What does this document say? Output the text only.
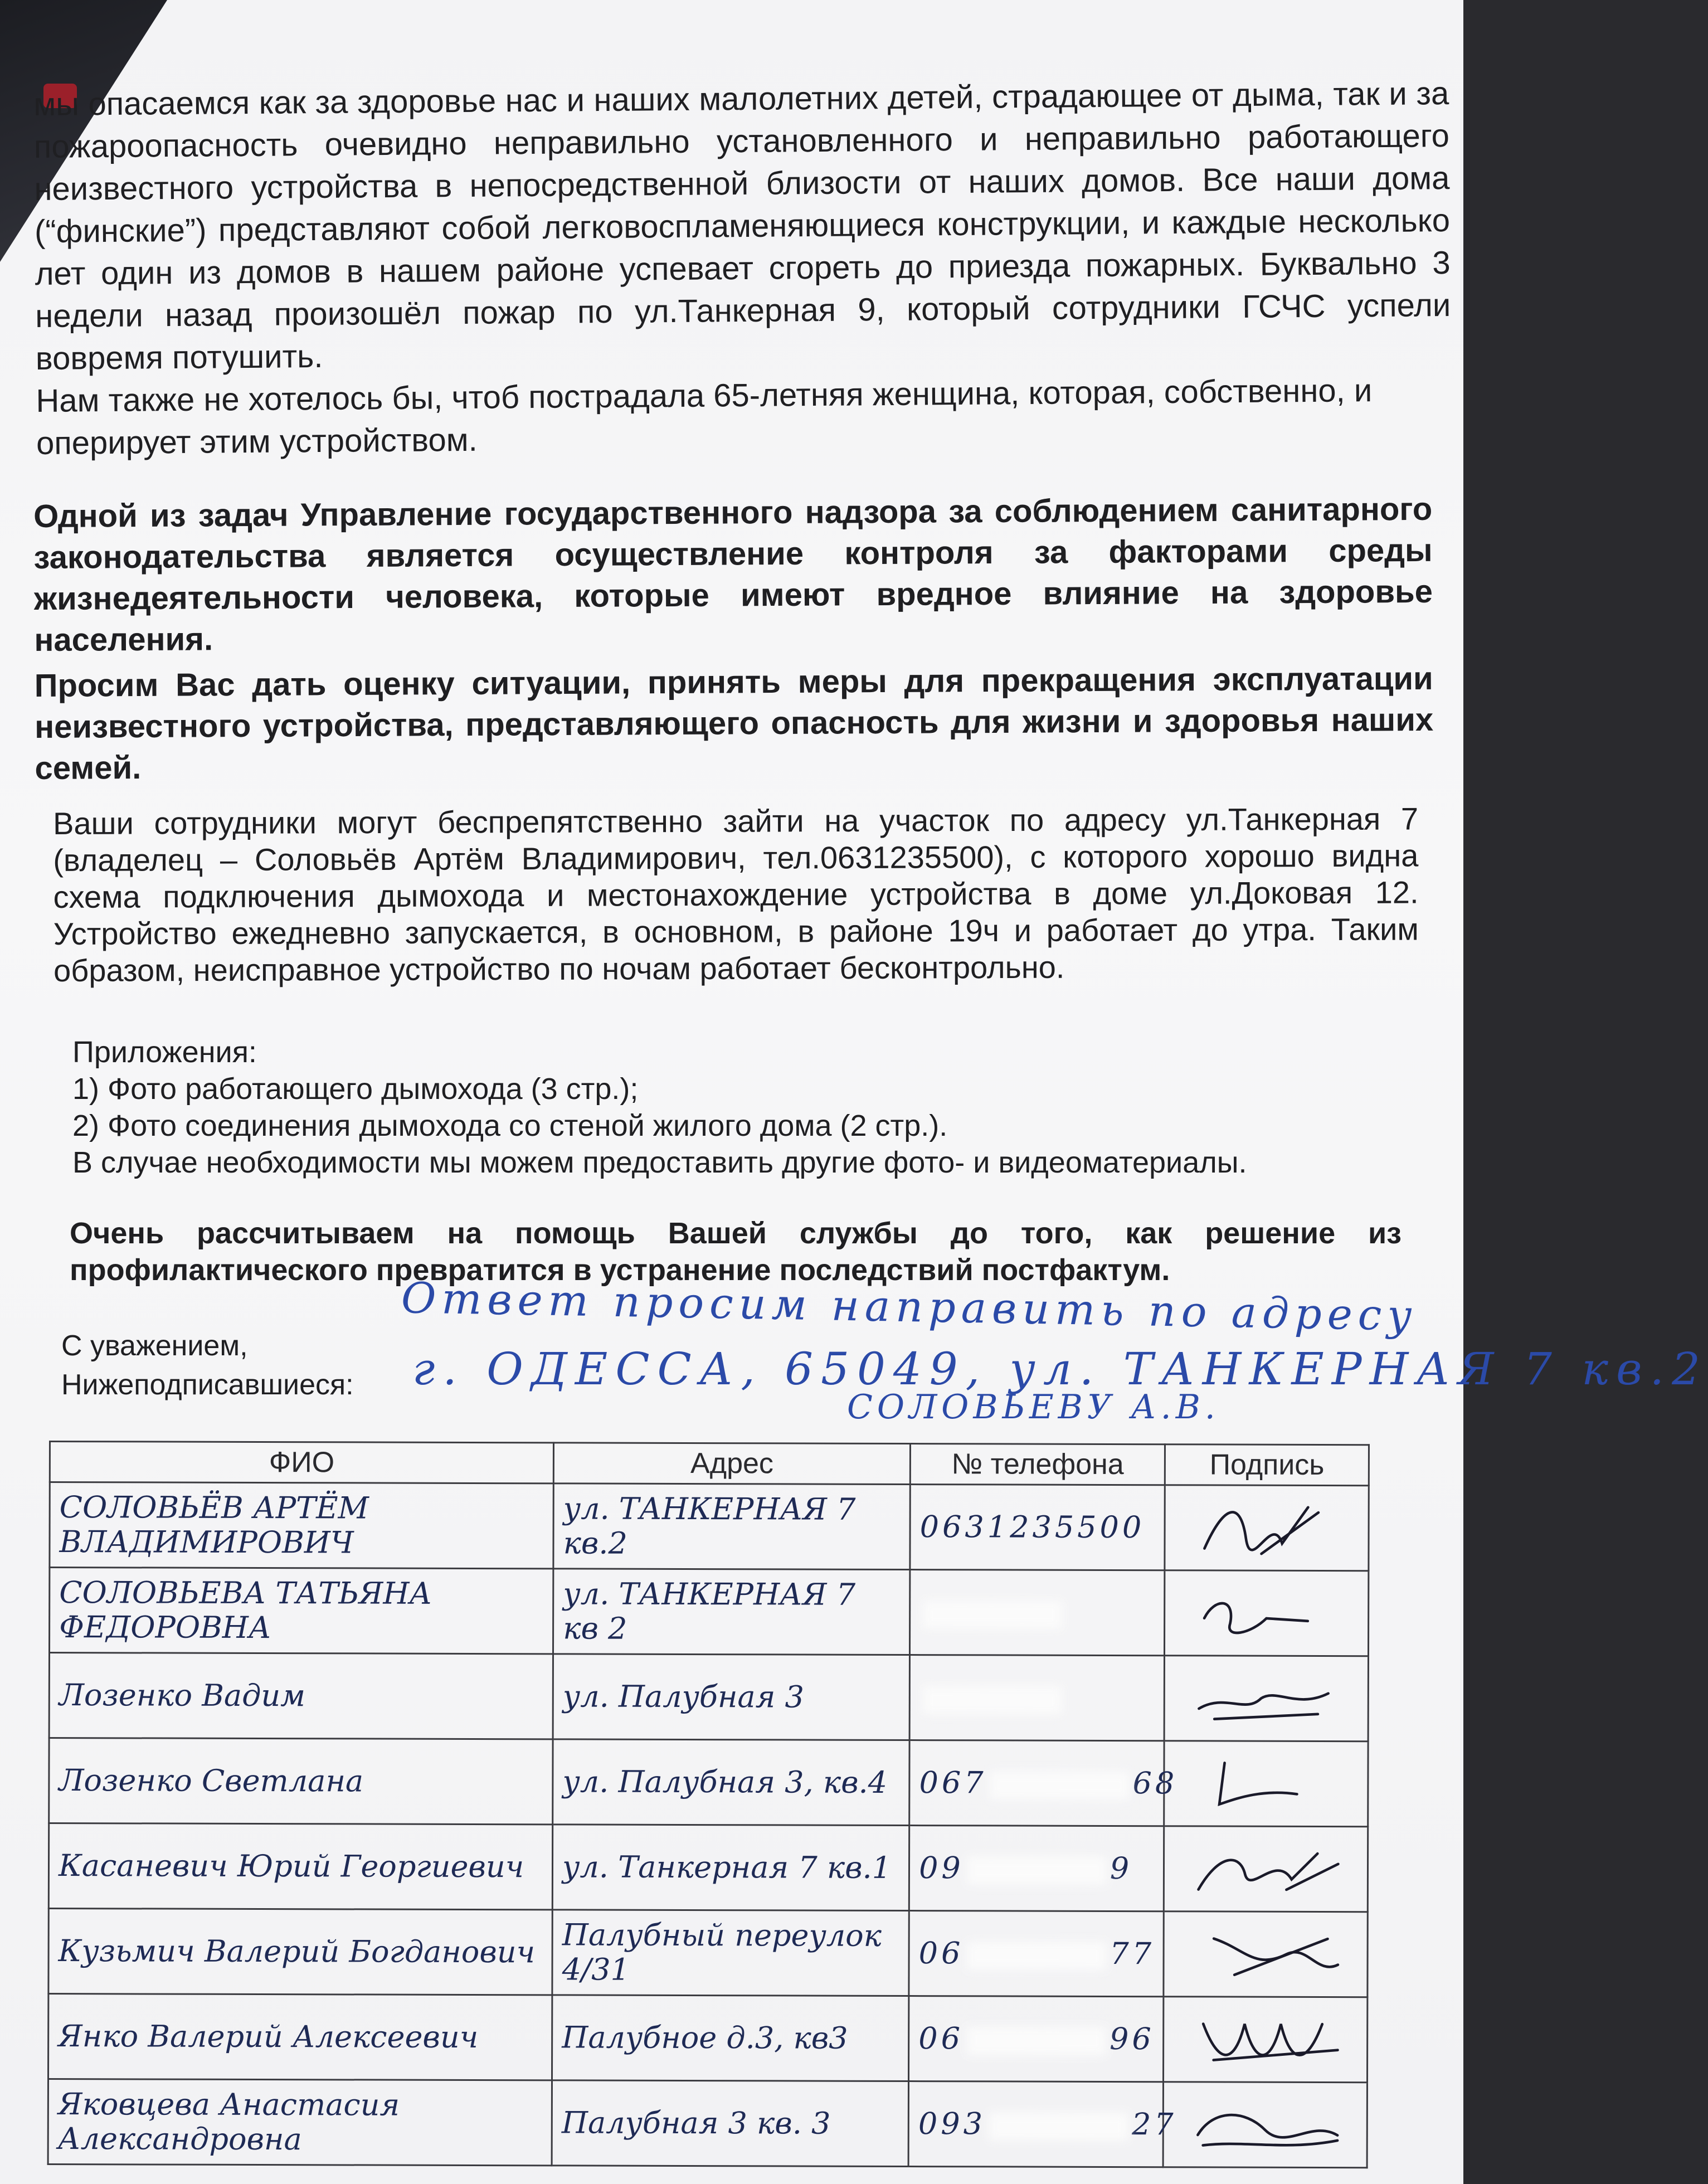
мы опасаемся как за здоровье нас и наших малолетних детей, страдающее от дыма, так и за пожароопасность очевидно неправильно установленного и неправильно работающего неизвестного устройства в непосредственной близости от наших домов. Все наши дома (“финские”) представляют собой легковоспламеняющиеся конструкции, и каждые несколько лет один из домов в нашем районе успевает сгореть до приезда пожарных. Буквально 3 недели назад произошёл пожар по ул.Танкерная 9, который сотрудники ГСЧС успели вовремя потушить.

Нам также не хотелось бы, чтоб пострадала 65-летняя женщина, которая, собственно, и оперирует этим устройством.

Одной из задач Управление государственного надзора за соблюдением санитарного законодательства является осуществление контроля за факторами среды жизнедеятельности человека, которые имеют вредное влияние на здоровье населения.

Просим Вас дать оценку ситуации, принять меры для прекращения эксплуатации неизвестного устройства, представляющего опасность для жизни и здоровья наших семей.

Ваши сотрудники могут беспрепятственно зайти на участок по адресу ул.Танкерная 7 (владелец – Соловьёв Артём Владимирович, тел.0631235500), с которого хорошо видна схема подключения дымохода и местонахождение устройства в доме ул.Доковая 12. Устройство ежедневно запускается, в основном, в районе 19ч и работает до утра. Таким образом, неисправное устройство по ночам работает бесконтрольно.

Приложения:

1) Фото работающего дымохода (3 стр.);

2) Фото соединения дымохода со стеной жилого дома (2 стр.).

В случае необходимости мы можем предоставить другие фото- и видеоматериалы.

Очень рассчитываем на помощь Вашей службы до того, как решение из профилактического превратится в устранение последствий постфактум.

С уважением,

Нижеподписавшиеся:

Ответ просим направить по адресу
г. ОДЕССА, 65049, ул. ТАНКЕРНАЯ 7 кв.2
СОЛОВЬЕВУ А.В.
ФИО	Адрес	№ телефона	Подпись
СОЛОВЬЁВ АРТЁМ ВЛАДИМИРОВИЧ	ул. ТАНКЕРНАЯ 7 кв.2	0631235500	

СОЛОВЬЕВА ТАТЬЯНА ФЕДОРОВНА	ул. ТАНКЕРНАЯ 7 кв 2		

Лозенко Вадим	ул. Палубная 3		

Лозенко Светлана	ул. Палубная 3, кв.4	067 68	

Касаневич Юрий Георгиевич	ул. Танкерная 7 кв.1	09 9	

Кузьмич Валерий Богданович	Палубный переулок 4/31	06 77	

Янко Валерий Алексеевич	Палубное д.3, кв3	06 96	

Яковцева Анастасия Александровна	Палубная 3 кв. 3	093 27	
